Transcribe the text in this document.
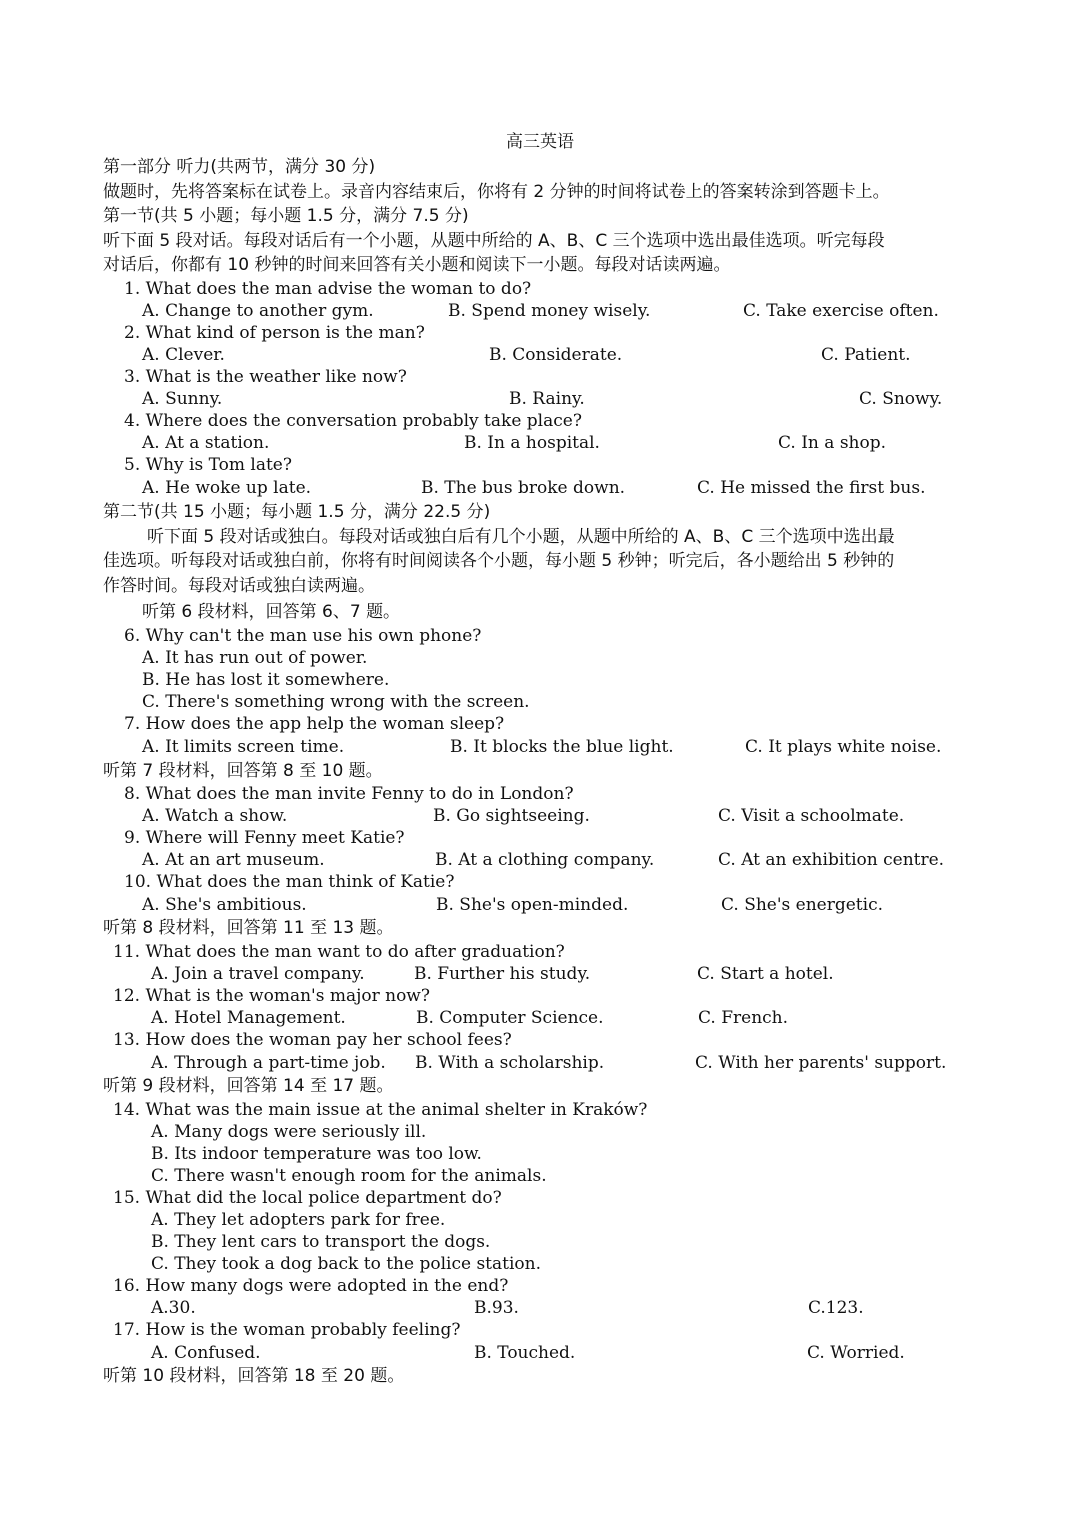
高三英语
第一部分 听力(共两节，满分 30 分)
做题时，先将答案标在试卷上。录音内容结束后，你将有 2 分钟的时间将试卷上的答案转涂到答题卡上。
第一节(共 5 小题；每小题 1.5 分，满分 7.5 分)
听下面 5 段对话。每段对话后有一个小题，从题中所给的 A、B、C 三个选项中选出最佳选项。听完每段
对话后，你都有 10 秒钟的时间来回答有关小题和阅读下一小题。每段对话读两遍。
1. What does the man advise the woman to do?
A. Change to another gym.	B. Spend money wisely.	C. Take exercise often.
2. What kind of person is the man?
A. Clever.	B. Considerate.	C. Patient.
3. What is the weather like now?
A. Sunny.	B. Rainy.	C. Snowy.
4. Where does the conversation probably take place?
A. At a station.	B. In a hospital.	C. In a shop.
5. Why is Tom late?
A. He woke up late.	B. The bus broke down.	C. He missed the first bus.
第二节(共 15 小题；每小题 1.5 分，满分 22.5 分)
听下面 5 段对话或独白。每段对话或独白后有几个小题，从题中所给的 A、B、C 三个选项中选出最
佳选项。听每段对话或独白前，你将有时间阅读各个小题，每小题 5 秒钟；听完后，各小题给出 5 秒钟的
作答时间。每段对话或独白读两遍。
听第 6 段材料，回答第 6、7 题。
6. Why can't the man use his own phone?
A. It has run out of power.
B. He has lost it somewhere.
C. There's something wrong with the screen.
7. How does the app help the woman sleep?
A. It limits screen time.	B. It blocks the blue light.	C. It plays white noise.
听第 7 段材料，回答第 8 至 10 题。
8. What does the man invite Fenny to do in London?
A. Watch a show.	B. Go sightseeing.	C. Visit a schoolmate.
9. Where will Fenny meet Katie?
A. At an art museum.	B. At a clothing company.	C. At an exhibition centre.
10. What does the man think of Katie?
A. She's ambitious.	B. She's open-minded.	C. She's energetic.
听第 8 段材料，回答第 11 至 13 题。
11. What does the man want to do after graduation?
A. Join a travel company.	B. Further his study.	C. Start a hotel.
12. What is the woman's major now?
A. Hotel Management.	B. Computer Science.	C. French.
13. How does the woman pay her school fees?
A. Through a part-time job. B. With a scholarship.	C. With her parents' support.
听第 9 段材料，回答第 14 至 17 题。
14. What was the main issue at the animal shelter in Kraków?
A. Many dogs were seriously ill.
B. Its indoor temperature was too low.
C. There wasn't enough room for the animals.
15. What did the local police department do?
A. They let adopters park for free.
B. They lent cars to transport the dogs.
C. They took a dog back to the police station.
16. How many dogs were adopted in the end?
A.30.	B.93.	C.123.
17. How is the woman probably feeling?
A. Confused.	B. Touched.	C. Worried.
听第 10 段材料，回答第 18 至 20 题。
